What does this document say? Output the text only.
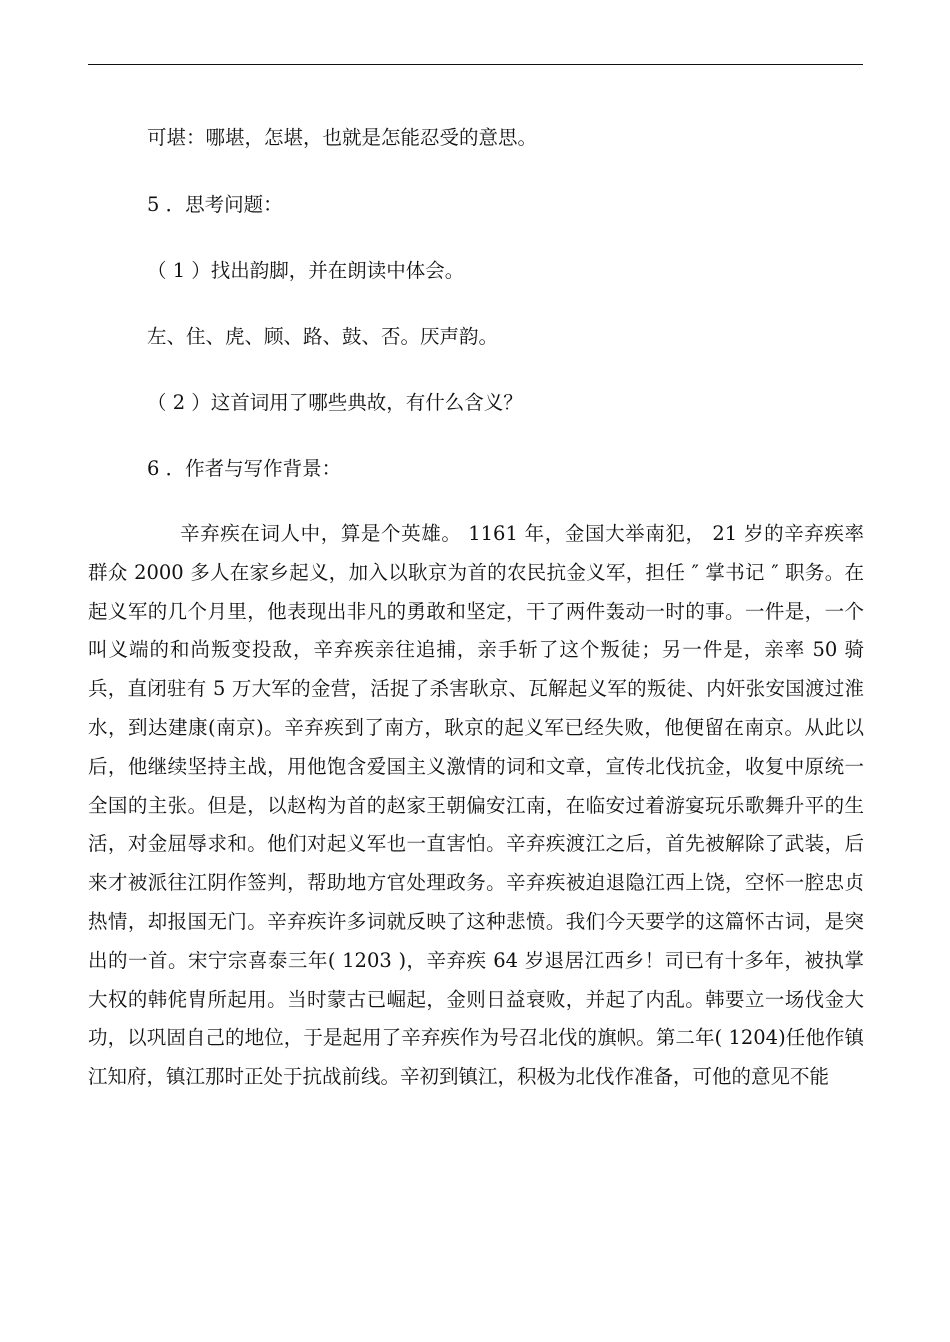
可堪：哪堪，怎堪，也就是怎能忍受的意思。

5 ．思考问题：

（ 1 ）找出韵脚，并在朗读中体会。

左、住、虎、顾、路、鼓、否。厌声韵。

（ 2 ）这首词用了哪些典故，有什么含义？

6 ．作者与写作背景：

辛弃疾在词人中，算是个英雄。 1161 年，金国大举南犯， 21 岁的辛弃疾率群众 2000 多人在家乡起义，加入以耿京为首的农民抗金义军，担任 ″ 掌书记 ″ 职务。在起义军的几个月里，他表现出非凡的勇敢和坚定，干了两件轰动一时的事。一件是，一个叫义端的和尚叛变投敌，辛弃疾亲往追捕，亲手斩了这个叛徒；另一件是，亲率 50 骑兵，直闭驻有 5 万大军的金营，活捉了杀害耿京、瓦解起义军的叛徒、内奸张安国渡过淮水，到达建康(南京)。辛弃疾到了南方，耿京的起义军已经失败，他便留在南京。从此以后，他继续坚持主战，用他饱含爱国主义激情的词和文章，宣传北伐抗金，收复中原统一全国的主张。但是，以赵构为首的赵家王朝偏安江南，在临安过着游宴玩乐歌舞升平的生活，对金屈辱求和。他们对起义军也一直害怕。辛弃疾渡江之后，首先被解除了武装，后来才被派往江阴作签判，帮助地方官处理政务。辛弃疾被迫退隐江西上饶，空怀一腔忠贞热情，却报国无门。辛弃疾许多词就反映了这种悲愤。我们今天要学的这篇怀古词，是突出的一首。宋宁宗喜泰三年( 1203 )，辛弃疾 64 岁退居江西乡！司已有十多年，被执掌大权的韩侂胄所起用。当时蒙古已崛起，金则日益衰败，并起了内乱。韩要立一场伐金大功，以巩固自己的地位，于是起用了辛弃疾作为号召北伐的旗帜。第二年( 1204)任他作镇江知府，镇江那时正处于抗战前线。辛初到镇江，积极为北伐作准备，可他的意见不能
